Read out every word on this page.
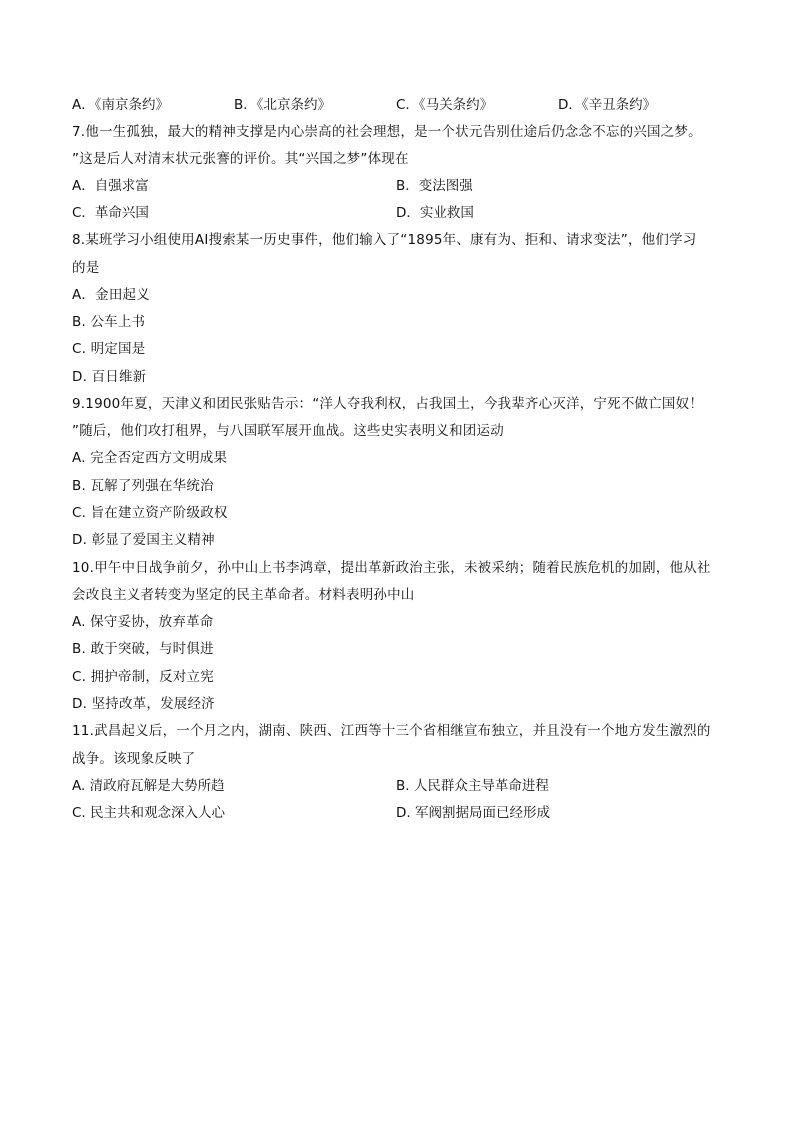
A．《南京条约》	B．《北京条约》	C．《马关条约》	D．《辛丑条约》
7.他一生孤独，最大的精神支撑是内心崇高的社会理想，是一个状元告别仕途后仍念念不忘的兴国之梦。
”这是后人对清末状元张謇的评价。其“兴国之梦”体现在
A．自强求富	B．变法图强
C．革命兴国	D．实业救国
8.某班学习小组使用AI搜索某一历史事件，他们输入了“1895年、康有为、拒和、请求变法”，他们学习
的是
A．金田起义
B. 公车上书
C. 明定国是
D. 百日维新
9.1900年夏，天津义和团民张贴告示：“洋人夺我利权，占我国土，今我辈齐心灭洋，宁死不做亡国奴！
”随后，他们攻打租界，与八国联军展开血战。这些史实表明义和团运动
A. 完全否定西方文明成果
B. 瓦解了列强在华统治
C. 旨在建立资产阶级政权
D. 彰显了爱国主义精神
10.甲午中日战争前夕，孙中山上书李鸿章，提出革新政治主张，未被采纳；随着民族危机的加剧，他从社
会改良主义者转变为坚定的民主革命者。材料表明孙中山
A. 保守妥协，放弃革命
B. 敢于突破，与时俱进
C. 拥护帝制，反对立宪
D. 坚持改革，发展经济
11.武昌起义后，一个月之内，湖南、陕西、江西等十三个省相继宣布独立，并且没有一个地方发生激烈的
战争。该现象反映了
A. 清政府瓦解是大势所趋	B. 人民群众主导革命进程
C. 民主共和观念深入人心	D. 军阀割据局面已经形成
